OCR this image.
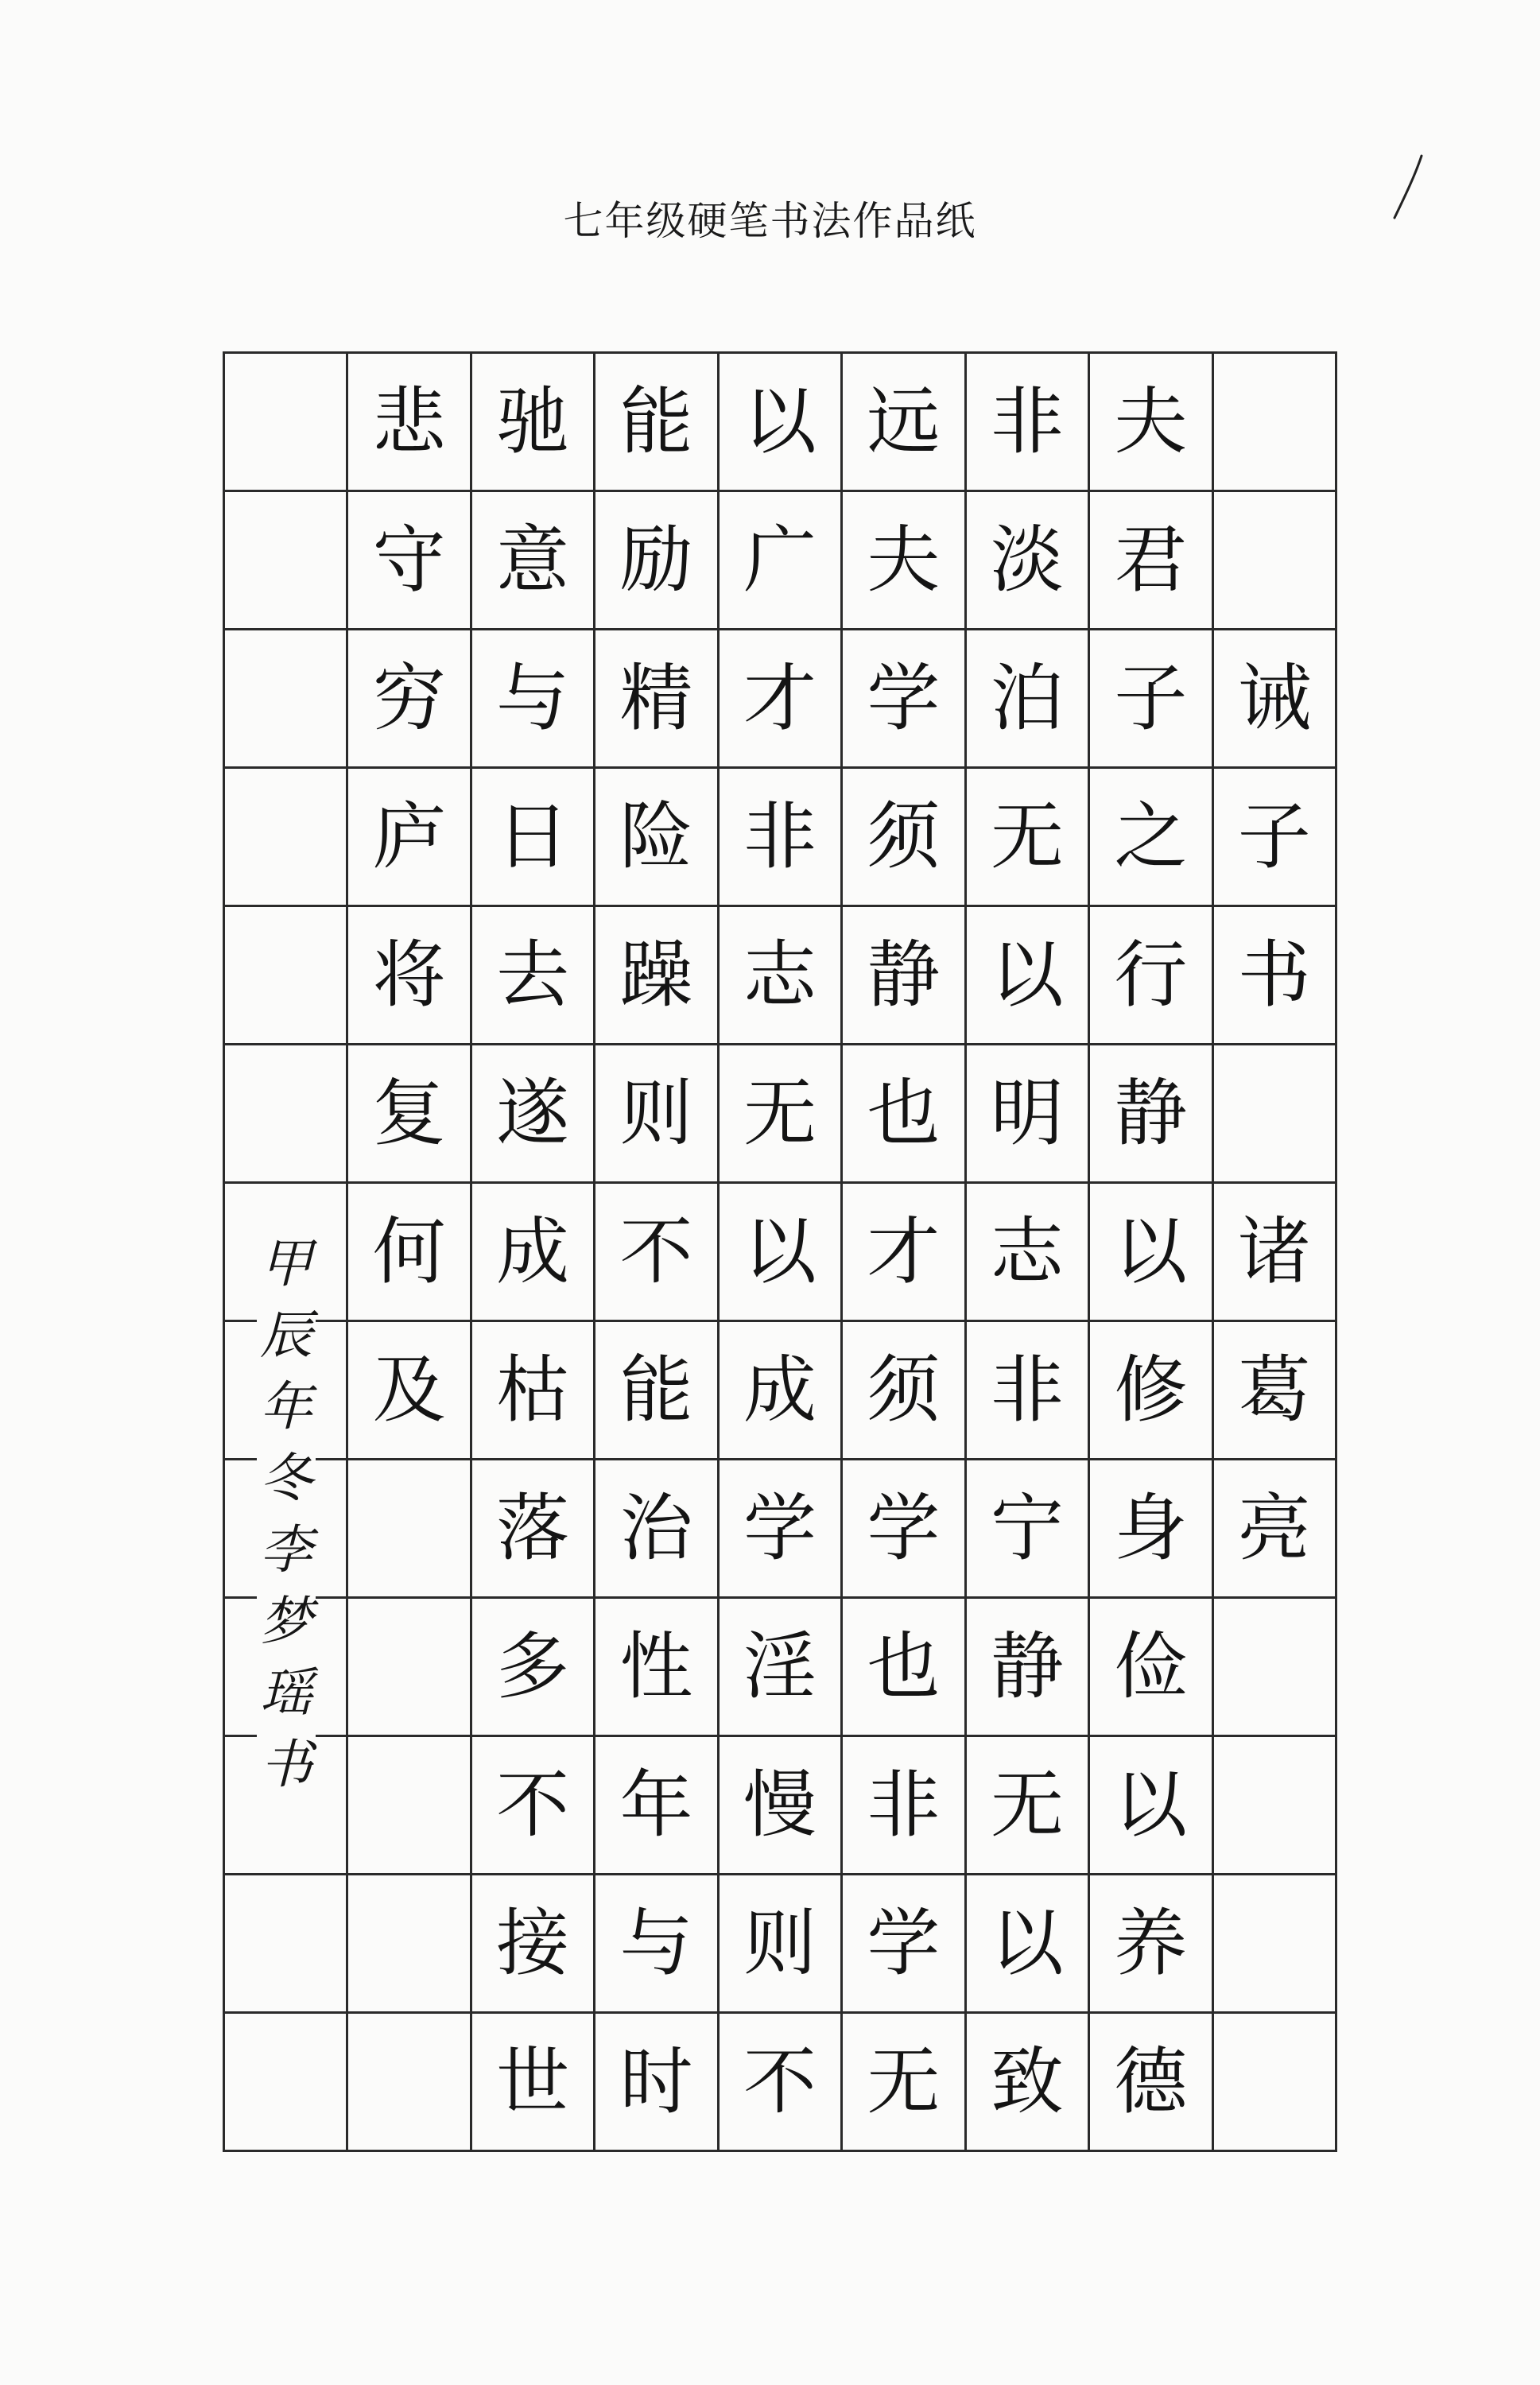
七年级硬笔书法作品纸
悲 驰 能 以 远 非 夫
守 意 励 广 夫 淡 君
穷 与 精 才 学 泊 子 诫
庐 日 险 非 须 无 之 子
将 去 躁 志 静 以 行 书
复 遂 则 无 也 明 静
何 成 不 以 才 志 以 诸
及 枯 能 成 须 非 修 葛
落 治 学 学 宁 身 亮
多 性 淫 也 静 俭
不 年 慢 非 无 以
接 与 则 学 以 养
世 时 不 无 致 德
甲
辰
年
冬
李
梦
瑶
书
